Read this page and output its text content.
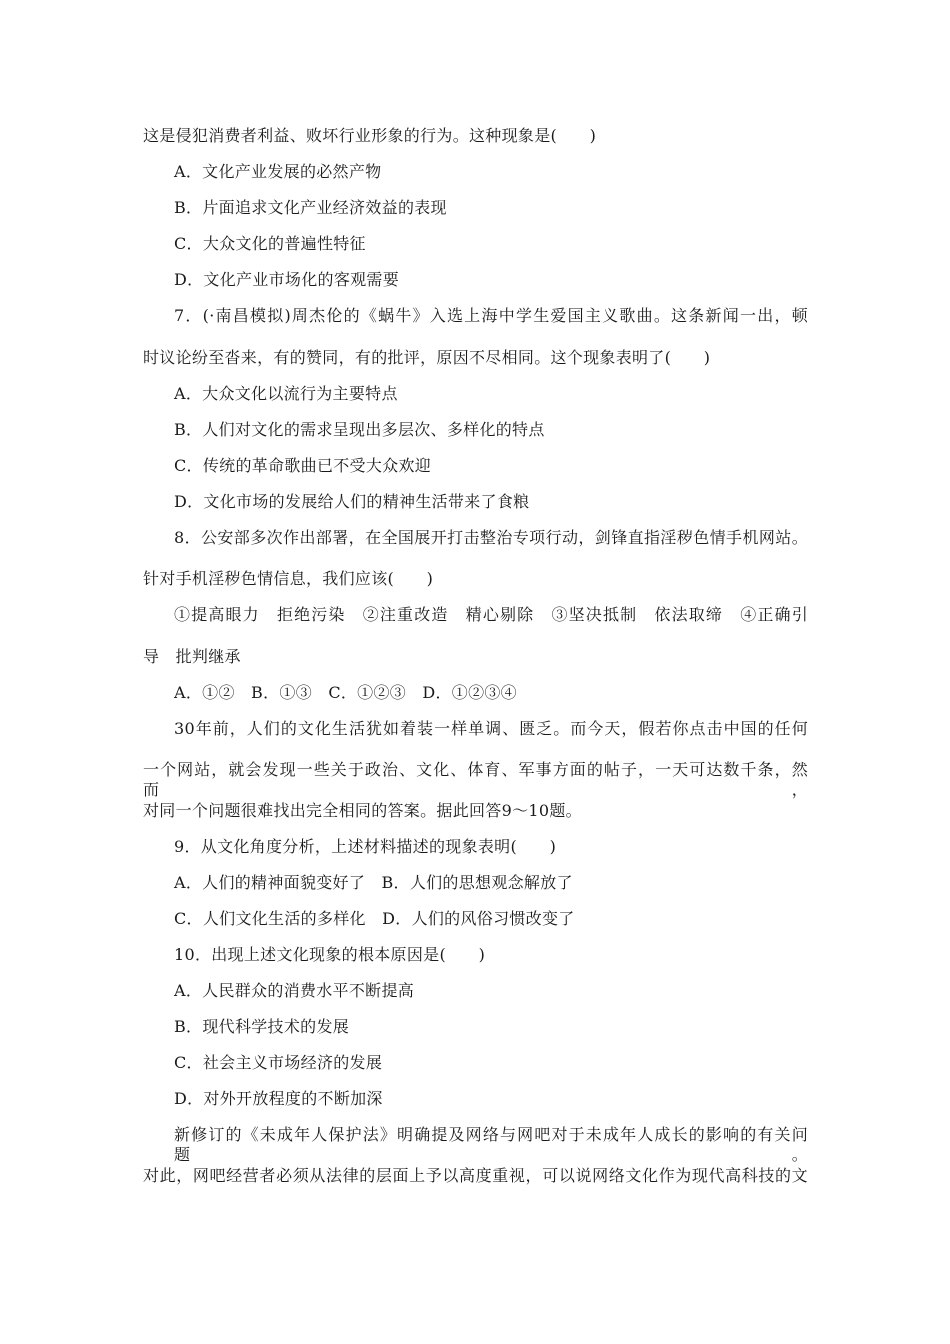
这是侵犯消费者利益、败坏行业形象的行为。这种现象是(　　)
A．文化产业发展的必然产物
B．片面追求文化产业经济效益的表现
C．大众文化的普遍性特征
D．文化产业市场化的客观需要
7．(·南昌模拟)周杰伦的《蜗牛》入选上海中学生爱国主义歌曲。这条新闻一出，顿
时议论纷至沓来，有的赞同，有的批评，原因不尽相同。这个现象表明了(　　)
A．大众文化以流行为主要特点
B．人们对文化的需求呈现出多层次、多样化的特点
C．传统的革命歌曲已不受大众欢迎
D．文化市场的发展给人们的精神生活带来了食粮
8．公安部多次作出部署，在全国展开打击整治专项行动，剑锋直指淫秽色情手机网站。
针对手机淫秽色情信息，我们应该(　　)
①提高眼力　拒绝污染　②注重改造　精心剔除　③坚决抵制　依法取缔　④正确引
导　批判继承
A．①②　B．①③　C．①②③　D．①②③④
30年前，人们的文化生活犹如着装一样单调、匮乏。而今天，假若你点击中国的任何
一个网站，就会发现一些关于政治、文化、体育、军事方面的帖子，一天可达数千条，然而，
对同一个问题很难找出完全相同的答案。据此回答9～10题。
9．从文化角度分析，上述材料描述的现象表明(　　)
A．人们的精神面貌变好了　B．人们的思想观念解放了
C．人们文化生活的多样化　D．人们的风俗习惯改变了
10．出现上述文化现象的根本原因是(　　)
A．人民群众的消费水平不断提高
B．现代科学技术的发展
C．社会主义市场经济的发展
D．对外开放程度的不断加深
新修订的《未成年人保护法》明确提及网络与网吧对于未成年人成长的影响的有关问题。
对此，网吧经营者必须从法律的层面上予以高度重视，可以说网络文化作为现代高科技的文
